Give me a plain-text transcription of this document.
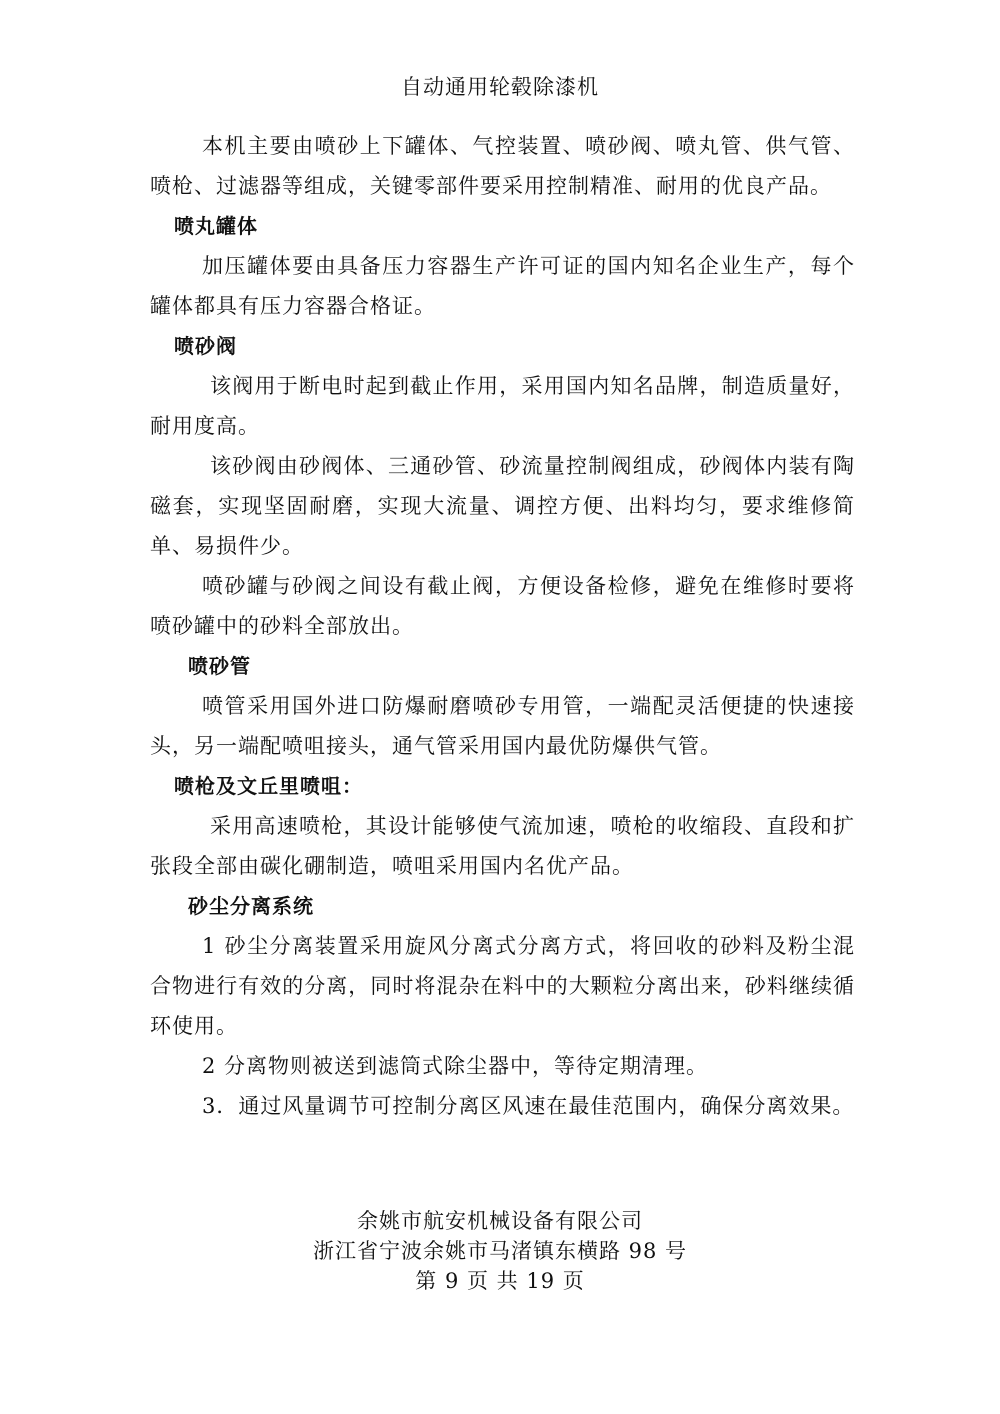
自动通用轮毂除漆机

本机主要由喷砂上下罐体、气控装置、喷砂阀、喷丸管、供气管、喷枪、过滤器等组成，关键零部件要采用控制精准、耐用的优良产品。

喷丸罐体

加压罐体要由具备压力容器生产许可证的国内知名企业生产，每个罐体都具有压力容器合格证。

喷砂阀

该阀用于断电时起到截止作用，采用国内知名品牌，制造质量好，耐用度高。

该砂阀由砂阀体、三通砂管、砂流量控制阀组成，砂阀体内装有陶磁套，实现坚固耐磨，实现大流量、调控方便、出料均匀，要求维修简单、易损件少。

喷砂罐与砂阀之间设有截止阀，方便设备检修，避免在维修时要将喷砂罐中的砂料全部放出。

喷砂管

喷管采用国外进口防爆耐磨喷砂专用管，一端配灵活便捷的快速接头，另一端配喷咀接头，通气管采用国内最优防爆供气管。

喷枪及文丘里喷咀：

采用高速喷枪，其设计能够使气流加速，喷枪的收缩段、直段和扩张段全部由碳化硼制造，喷咀采用国内名优产品。

砂尘分离系统

1 砂尘分离装置采用旋风分离式分离方式，将回收的砂料及粉尘混合物进行有效的分离，同时将混杂在料中的大颗粒分离出来，砂料继续循环使用。

2 分离物则被送到滤筒式除尘器中，等待定期清理。

3．通过风量调节可控制分离区风速在最佳范围内，确保分离效果。

余姚市航安机械设备有限公司
浙江省宁波余姚市马渚镇东横路 98 号
第 9 页 共 19 页
